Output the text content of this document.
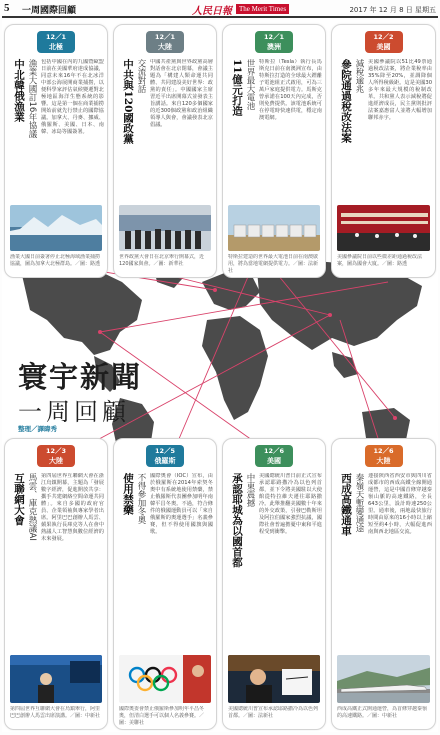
5 一周國際回顧	人民日報	The Merit Times	2017 年 12 月 8 日 星期五
12／1
北極
中北韓俄漁業 漁業大國訂16年協議 包括中國在內的九國暨歐盟日前在美國華府達成協議，同意未來16年不在北冰洋中部公海展開商業捕撈，以便科學家評估氣候變遷對北極地區海洋生態系統的影響。這是第一個在商業捕撈開始前就先行禁止的國際協議。加拿大、丹麥、挪威、俄羅斯、美國、日本、南韓、冰島等國簽署。
漁業大國日前簽署停止北極海域漁業捕撈協議，圖為加拿大北極群島。／圖：路透
12／1
大陸
中共與120國政黨 交流對話 中國共產黨與世界政黨高層對話會在北京閉幕，會議主題為「構建人類命運共同體、共同建設美好世界：政黨的責任」。中國國家主席習近平出席開幕式並發表主旨講話。來自120多個國家的近300個政黨和政治組織領導人與會，會議發表北京倡議。
世界政黨大會日在北京舉行開幕式，近120國家與會。／圖：新華社
12／1
澳洲
11億元打造 世界最大電池 特斯拉（Tesla）執行長馬斯克日前在南澳洲宣布，由特斯拉打造的全球最大鋰離子電池組正式啟用，可為三萬戶家庭提供電力。馬斯克曾承諾在100天內完成，否則免費提供。該電池系統可在停電時快速供電，穩定南澳電網。
特斯拉建造的世界最大電池日前在南澳啟用，將為當地電網提供電力。／圖：法新社
12／2
美國
參院通過稅改法案 減稅逾兆 美國參議院以51比49票通過稅改法案，將企業稅率由35%降至20%，並調降個人所得稅級距。這是美國30多年來最大規模的稅制改革。共和黨人表示減稅將促進經濟成長，民主黨則批評法案嘉惠富人並將大幅增加聯邦赤字。
美國參議院日前以些微差距通過稅改法案，圖為國會大廈。／圖：路透
寰宇新聞
一周回顧
整理／譯暐秀
12／3
大陸
互聯網大會 馬雲、庫克熱議AI 第四屆世界互聯網大會在浙江烏鎮開幕，主題為「發展數字經濟，促進開放共享：攜手共建網絡空間命運共同體」。來自多國的政府官員、企業領袖與專家學者出席。阿里巴巴創辦人馬雲、蘋果執行長庫克等人在會中熱議人工智慧與數位經濟的未來發展。
第四屆世界互聯網大會在烏鎮舉行，阿里巴巴創辦人馬雲出席演講。／圖：中新社
12／5
俄羅斯
使用禁藥 不得參加冬奧 國際奧會（IOC）宣布，由於俄羅斯在2014年索契冬奧中有系統地使用禁藥，禁止俄羅斯代表團參加明年南韓平昌冬奧。不過，符合條件的俄國運動員可以「來自俄羅斯的奧運選手」名義參賽，但不得使用國旗與國歌。
國際奧委會禁止俄羅斯參加明年平昌冬奧，但清白選手可以個人名義參賽。／圖：美聯社
12／6
美國
承認耶城為以國首都 中東震撼 美國總統川普日前正式宣布承認耶路撒冷為以色列首都，並下令將美國駐以大使館從特拉維夫遷往耶路撒冷。此舉推翻美國數十年來的外交政策，引發巴勒斯坦及阿拉伯國家強烈抗議，國際社會普遍擔憂中東和平進程受到衝擊。
美國總統川普宣布承認耶路撒冷為以色列首都。／圖：法新社
12／6
大陸
西成高鐵通車 秦嶺天塹變通途 連接陝西省西安市與四川省成都市的西成高鐵全線開通運營，這是中國首條穿越秦嶺山脈的高速鐵路，全長643公里，設計時速250公里。通車後，兩地最快旅行時間由原來的16小時以上縮短至約4小時，大幅促進西南與西北地區交流。
西成高鐵正式開通運營，為首條穿越秦嶺的高速鐵路。／圖：中新社
